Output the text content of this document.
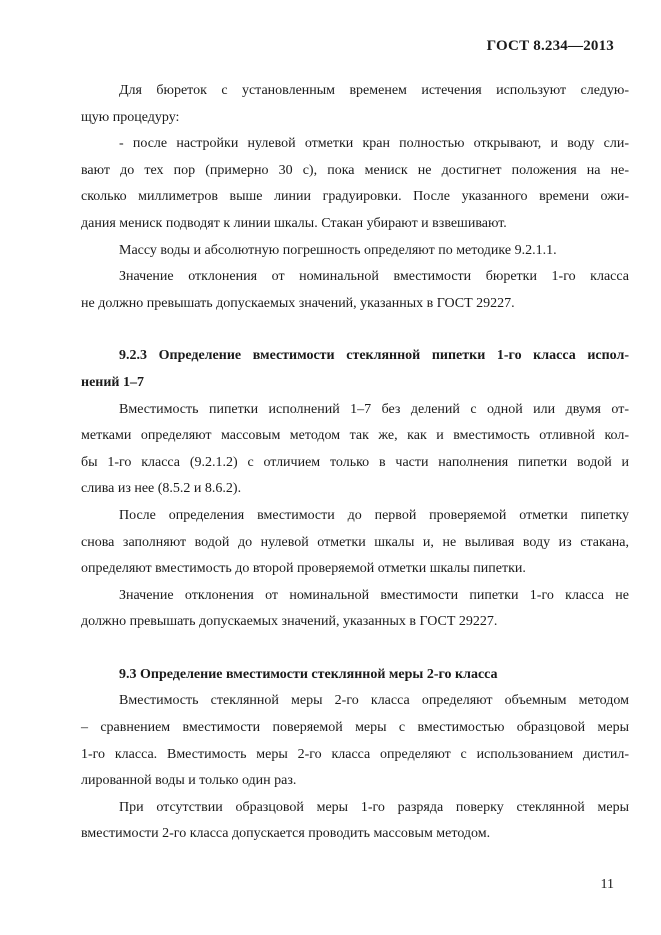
ГОСТ 8.234—2013

Для бюреток с установленным временем истечения используют следую-
щую процедуру:

- после настройки нулевой отметки кран полностью открывают, и воду сли-
вают до тех пор (примерно 30 с), пока мениск не достигнет положения на не-
сколько миллиметров выше линии градуировки. После указанного времени ожи-
дания мениск подводят к линии шкалы. Стакан убирают и взвешивают.

Массу воды и абсолютную погрешность определяют по методике 9.2.1.1.

Значение отклонения от номинальной вместимости бюретки 1-го класса
не должно превышать допускаемых значений, указанных в ГОСТ 29227.

9.2.3 Определение вместимости стеклянной пипетки 1-го класса испол-
нений 1–7

Вместимость пипетки исполнений 1–7 без делений с одной или двумя от-
метками определяют массовым методом так же, как и вместимость отливной кол-
бы 1-го класса (9.2.1.2) с отличием только в части наполнения пипетки водой и
слива из нее (8.5.2 и 8.6.2).

После определения вместимости до первой проверяемой отметки пипетку
снова заполняют водой до нулевой отметки шкалы и, не выливая воду из стакана,
определяют вместимость до второй проверяемой отметки шкалы пипетки.

Значение отклонения от номинальной вместимости пипетки 1-го класса не
должно превышать допускаемых значений, указанных в ГОСТ 29227.

9.3 Определение вместимости стеклянной меры 2-го класса

Вместимость стеклянной меры 2-го класса определяют объемным методом
– сравнением вместимости поверяемой меры с вместимостью образцовой меры
1-го класса. Вместимость меры 2-го класса определяют с использованием дистил-
лированной воды и только один раз.

При отсутствии образцовой меры 1-го разряда поверку стеклянной меры
вместимости 2-го класса допускается проводить массовым методом.

11
